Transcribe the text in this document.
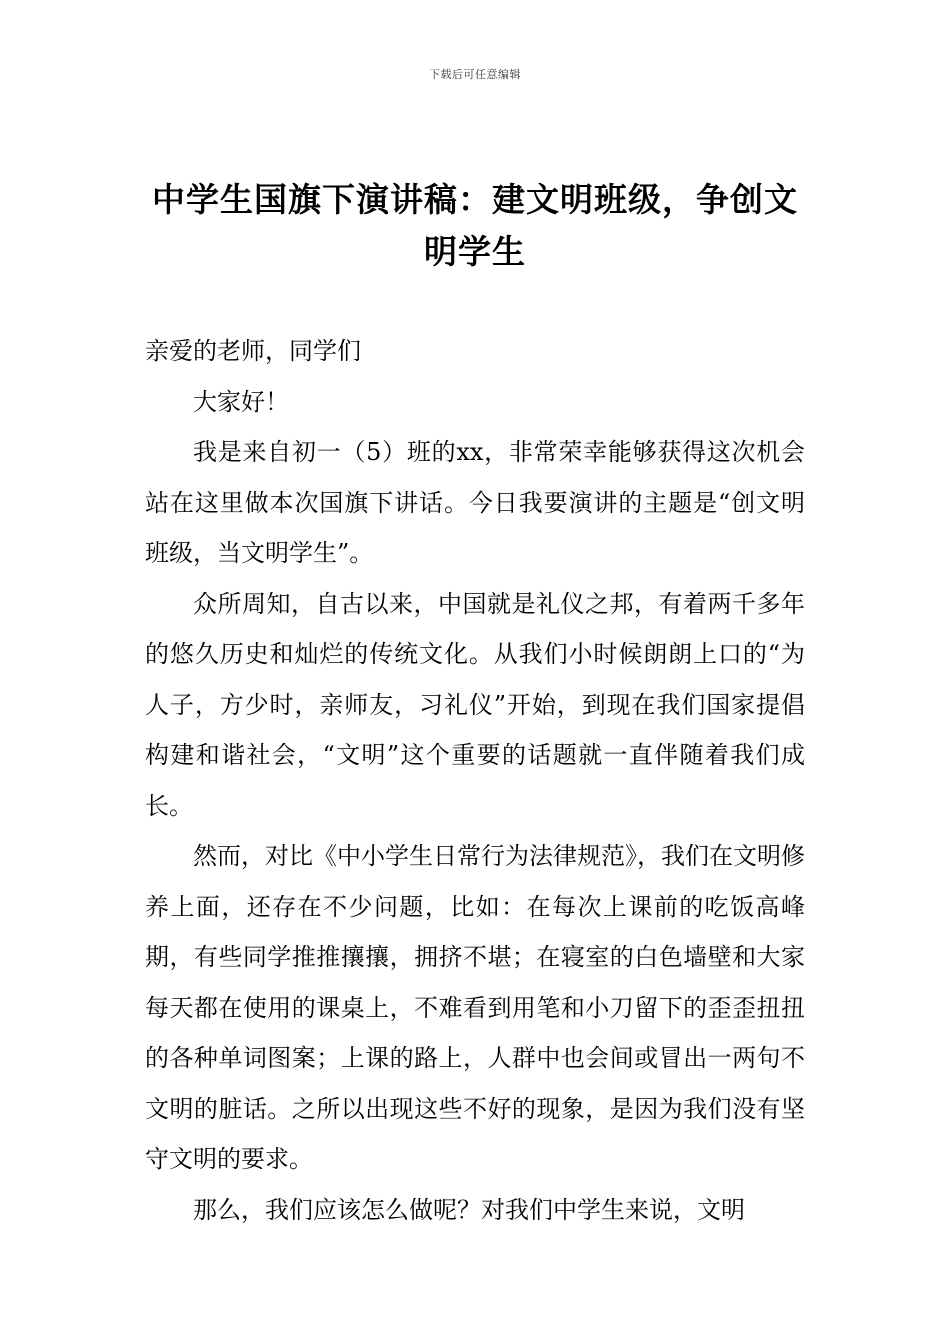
下载后可任意编辑
中学生国旗下演讲稿：建文明班级，争创文明学生

亲爱的老师，同学们

大家好！

我是来自初一（5）班的xx，非常荣幸能够获得这次机会站在这里做本次国旗下讲话。今日我要演讲的主题是“创文明班级，当文明学生”。

众所周知，自古以来，中国就是礼仪之邦，有着两千多年的悠久历史和灿烂的传统文化。从我们小时候朗朗上口的“为人子，方少时，亲师友，习礼仪”开始，到现在我们国家提倡构建和谐社会，“文明”这个重要的话题就一直伴随着我们成长。

然而，对比《中小学生日常行为法律规范》，我们在文明修养上面，还存在不少问题，比如：在每次上课前的吃饭高峰期，有些同学推推攘攘，拥挤不堪；在寝室的白色墙壁和大家每天都在使用的课桌上，不难看到用笔和小刀留下的歪歪扭扭的各种单词图案；上课的路上，人群中也会间或冒出一两句不文明的脏话。之所以出现这些不好的现象，是因为我们没有坚守文明的要求。

那么，我们应该怎么做呢？对我们中学生来说，文明
